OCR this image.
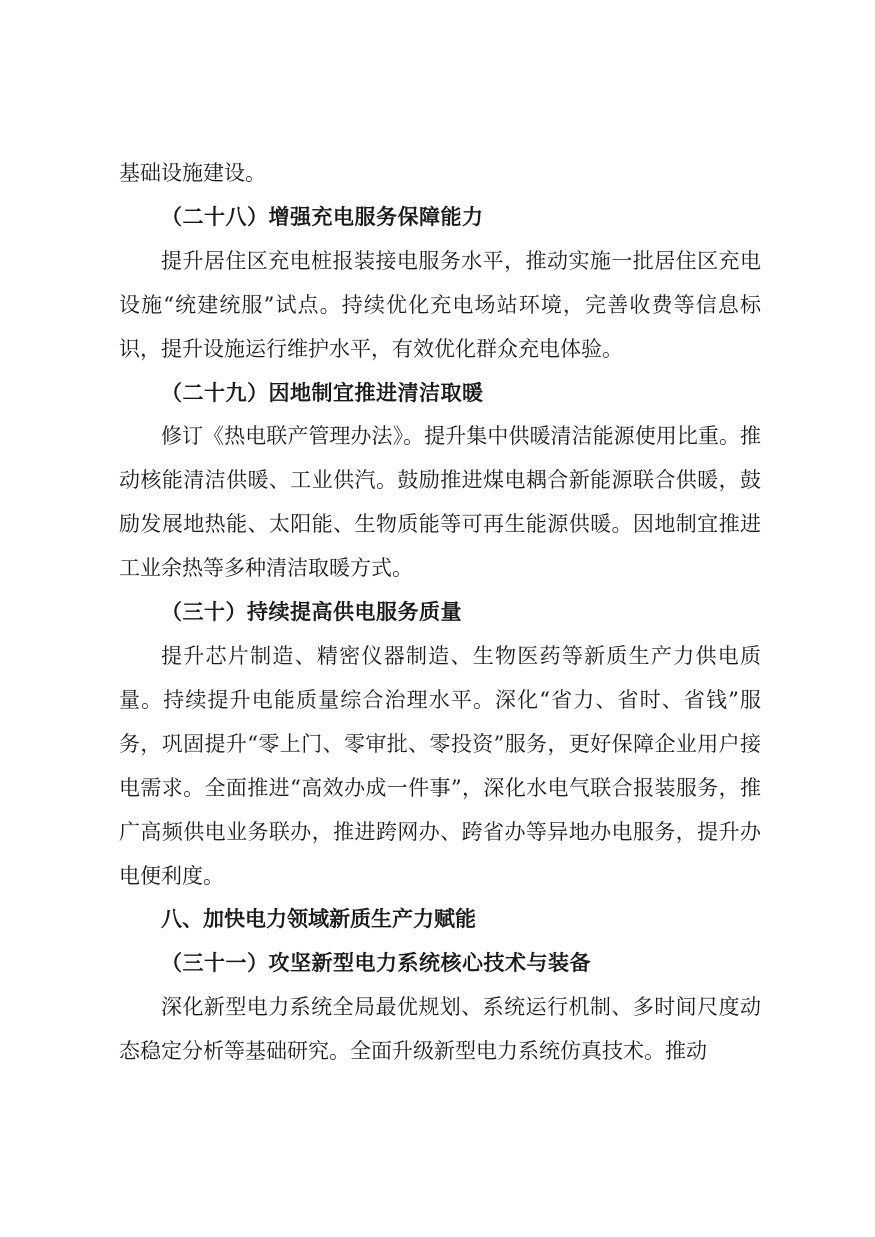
基础设施建设。

（二十八）增强充电服务保障能力

提升居住区充电桩报装接电服务水平，推动实施一批居住区充电设施“统建统服”试点。持续优化充电场站环境，完善收费等信息标识，提升设施运行维护水平，有效优化群众充电体验。

（二十九）因地制宜推进清洁取暖

修订《热电联产管理办法》。提升集中供暖清洁能源使用比重。推动核能清洁供暖、工业供汽。鼓励推进煤电耦合新能源联合供暖，鼓励发展地热能、太阳能、生物质能等可再生能源供暖。因地制宜推进工业余热等多种清洁取暖方式。

（三十）持续提高供电服务质量

提升芯片制造、精密仪器制造、生物医药等新质生产力供电质量。持续提升电能质量综合治理水平。深化“省力、省时、省钱”服务，巩固提升“零上门、零审批、零投资”服务，更好保障企业用户接电需求。全面推进“高效办成一件事”，深化水电气联合报装服务，推广高频供电业务联办，推进跨网办、跨省办等异地办电服务，提升办电便利度。

八、加快电力领域新质生产力赋能

（三十一）攻坚新型电力系统核心技术与装备

深化新型电力系统全局最优规划、系统运行机制、多时间尺度动态稳定分析等基础研究。全面升级新型电力系统仿真技术。推动
